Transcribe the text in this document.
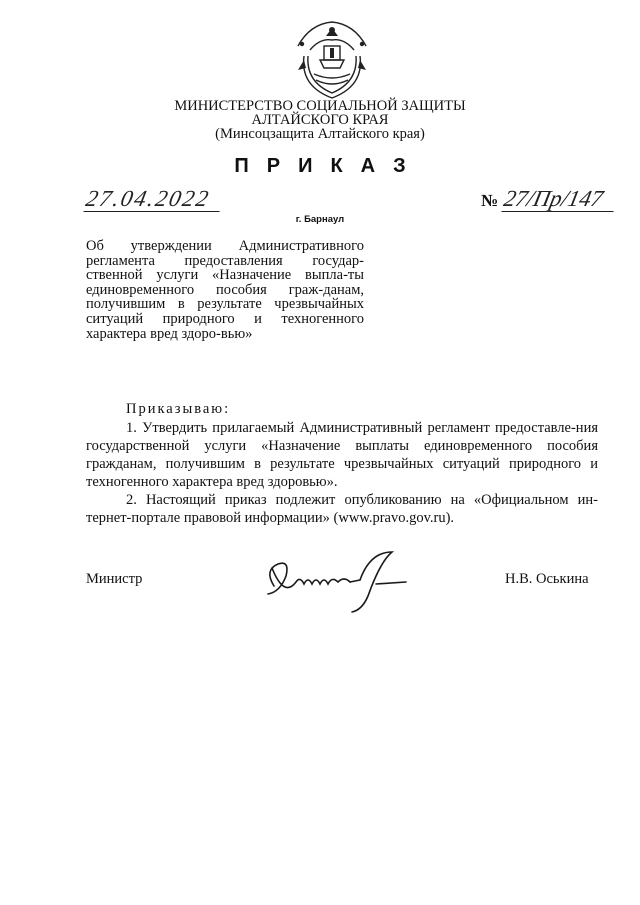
МИНИСТЕРСТВО СОЦИАЛЬНОЙ ЗАЩИТЫ
АЛТАЙСКОГО КРАЯ
(Минсоцзащита Алтайского края)
ПРИКАЗ
27.04.2022	№ 27/Пр/147
г. Барнаул
Об утверждении Административного регламента предоставления государ-ственной услуги «Назначение выпла-ты единовременного пособия граж-данам, получившим в результате чрезвычайных ситуаций природного и техногенного характера вред здоро-вью»
Приказываю:
1. Утвердить прилагаемый Административный регламент предоставле-ния государственной услуги «Назначение выплаты единовременного пособия гражданам, получившим в результате чрезвычайных ситуаций природного и техногенного характера вред здоровью».
2. Настоящий приказ подлежит опубликованию на «Официальном ин-тернет-портале правовой информации» (www.pravo.gov.ru).
Министр	Н.В. Оськина
